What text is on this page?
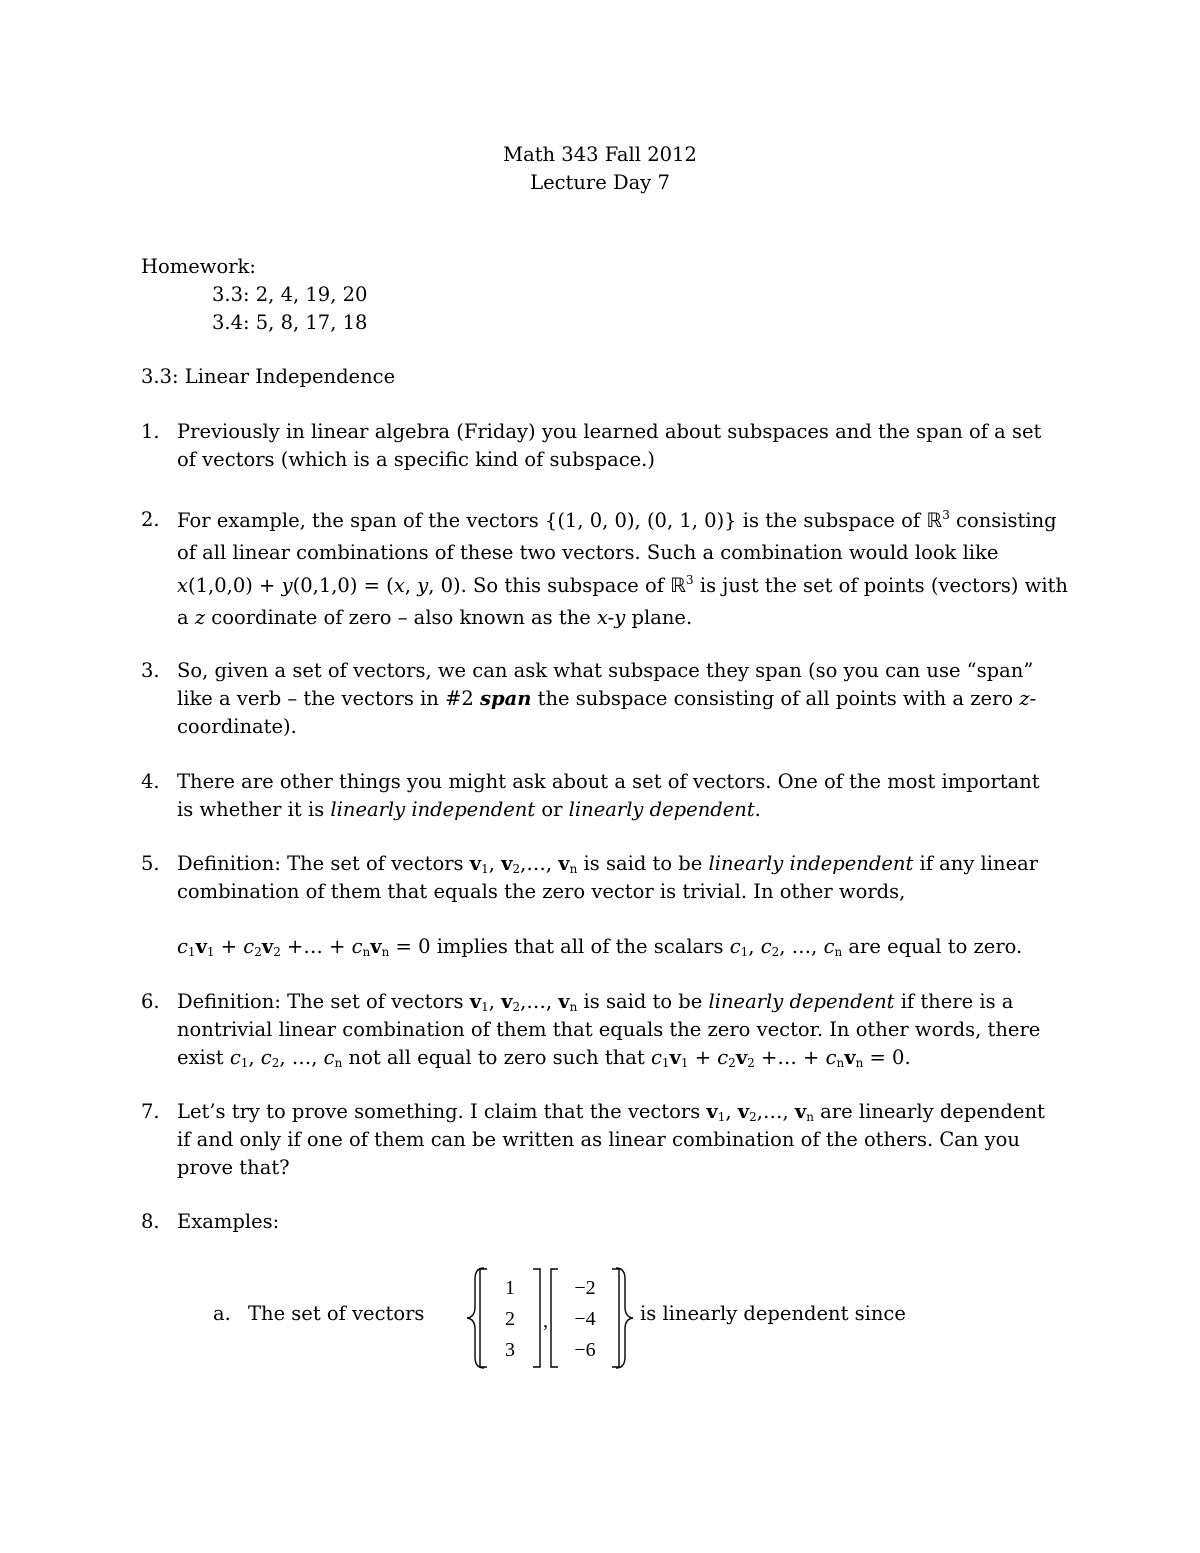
Math 343 Fall 2012
Lecture Day 7
Homework:
3.3: 2, 4, 19, 20
3.4: 5, 8, 17, 18
3.3: Linear Independence
1. Previously in linear algebra (Friday) you learned about subspaces and the span of a set
of vectors (which is a specific kind of subspace.)
2. For example, the span of the vectors {(1, 0, 0), (0, 1, 0)} is the subspace of ℝ$^3$ consisting
of all linear combinations of these two vectors. Such a combination would look like
x(1,0,0) + y(0,1,0) = (x, y, 0). So this subspace of ℝ$^3$ is just the set of points (vectors) with
a z coordinate of zero – also known as the x-y plane.
3. So, given a set of vectors, we can ask what subspace they span (so you can use “span”
like a verb – the vectors in #2 span the subspace consisting of all points with a zero z-
coordinate).
4. There are other things you might ask about a set of vectors. One of the most important
is whether it is linearly independent or linearly dependent.
5. Definition: The set of vectors $v_1$, $v_2,\dots$, $v_n$ is said to be linearly independent if any linear
combination of them that equals the zero vector is trivial. In other words,
$c_1v_1 + c_2v_2$ +… + $c_nv_n = 0$ implies that all of the scalars $c_1$, $c_2$, …, $c_n$ are equal to zero.
6. Definition: The set of vectors $v_1$, $v_2,\dots$, $v_n$ is said to be linearly dependent if there is a
nontrivial linear combination of them that equals the zero vector. In other words, there
exist $c_1$, $c_2$, …, $c_n$ not all equal to zero such that $c_1v_1 + c_2v_2$ +… + $c_nv_n = 0$.
7. Let’s try to prove something. I claim that the vectors $v_1$, $v_2,\dots$, $v_n$ are linearly dependent
if and only if one of them can be written as linear combination of the others. Can you
prove that?
8. Examples:
a. The set of vectors
1
2
3
,
−2
−4
−6
is linearly dependent since
